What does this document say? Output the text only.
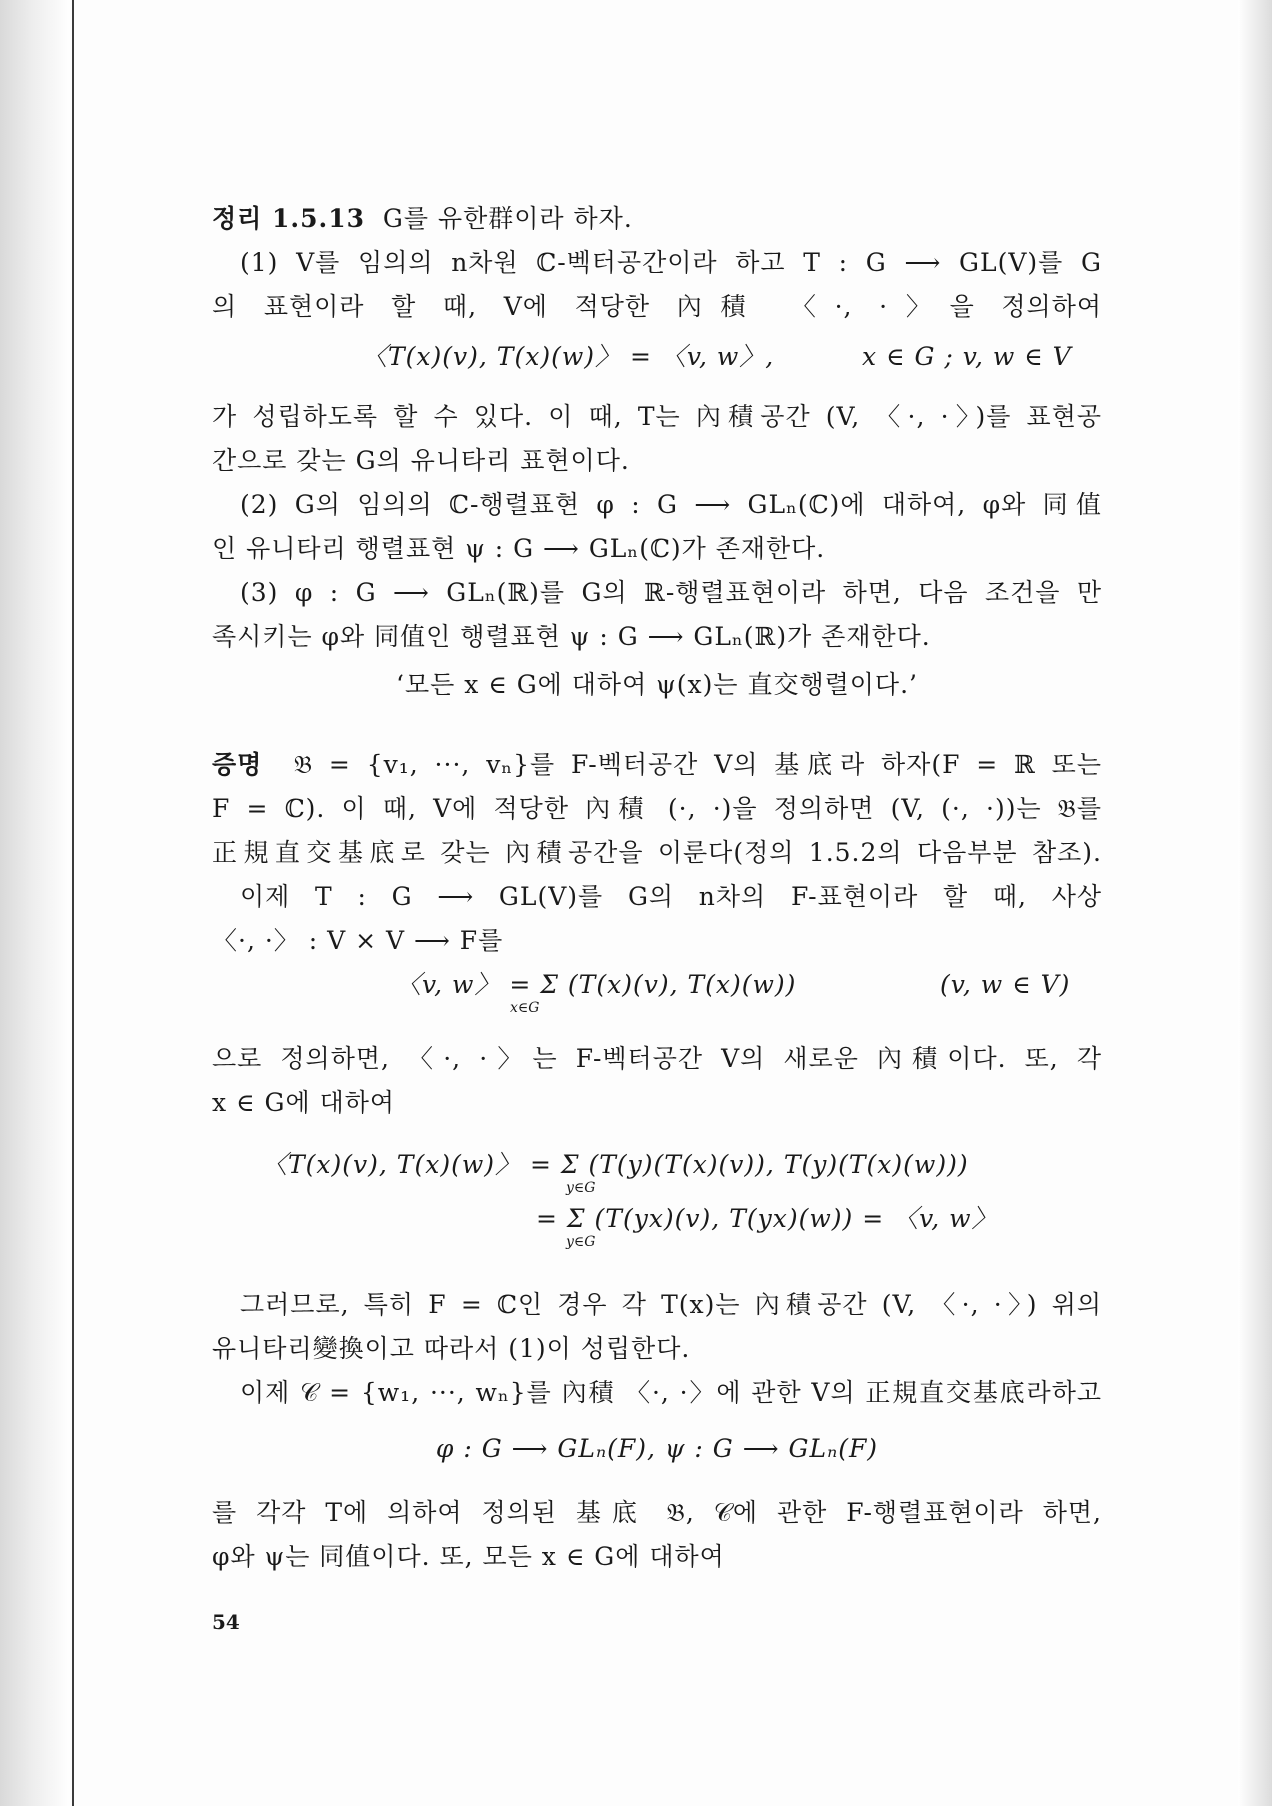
정리 1.5.13 G를 유한群이라 하자.
(1) V를 임의의 n차원 ℂ-벡터공간이라 하고 T : G ⟶ GL(V)를 G
의 표현이라 할 때, V에 적당한 內積 〈·, ·〉을 정의하여
〈T(x)(v), T(x)(w)〉 = 〈v, w〉,	x ∈ G ; v, w ∈ V
가 성립하도록 할 수 있다. 이 때, T는 內積공간 (V, 〈·, ·〉)를 표현공
간으로 갖는 G의 유니타리 표현이다.
(2) G의 임의의 ℂ-행렬표현 φ : G ⟶ GLₙ(ℂ)에 대하여, φ와 同值
인 유니타리 행렬표현 ψ : G ⟶ GLₙ(ℂ)가 존재한다.
(3) φ : G ⟶ GLₙ(ℝ)를 G의 ℝ-행렬표현이라 하면, 다음 조건을 만
족시키는 φ와 同值인 행렬표현 ψ : G ⟶ GLₙ(ℝ)가 존재한다.
‘모든 x ∈ G에 대하여 ψ(x)는 直交행렬이다.’
증명 𝔅 = {v₁, ···, vₙ}를 F-벡터공간 V의 基底라 하자(F = ℝ 또는
F = ℂ). 이 때, V에 적당한 內積 (·, ·)을 정의하면 (V, (·, ·))는 𝔅를
正規直交基底로 갖는 內積공간을 이룬다(정의 1.5.2의 다음부분 참조).
이제 T : G ⟶ GL(V)를 G의 n차의 F-표현이라 할 때, 사상
〈·, ·〉 : V × V ⟶ F를
〈v, w〉 = Σ (T(x)(v), T(x)(w))
x∈G
(v, w ∈ V)
으로 정의하면, 〈·, ·〉는 F-벡터공간 V의 새로운 內積이다. 또, 각
x ∈ G에 대하여
〈T(x)(v), T(x)(w)〉 = Σ (T(y)(T(x)(v)), T(y)(T(x)(w)))
y∈G
= Σ (T(yx)(v), T(yx)(w)) = 〈v, w〉
y∈G
그러므로, 특히 F = ℂ인 경우 각 T(x)는 內積공간 (V, 〈·, ·〉) 위의
유니타리變換이고 따라서 (1)이 성립한다.
이제 𝒞 = {w₁, ···, wₙ}를 內積 〈·, ·〉에 관한 V의 正規直交基底라하고
φ : G ⟶ GLₙ(F), ψ : G ⟶ GLₙ(F)
를 각각 T에 의하여 정의된 基底 𝔅, 𝒞에 관한 F-행렬표현이라 하면,
φ와 ψ는 同值이다. 또, 모든 x ∈ G에 대하여
54
